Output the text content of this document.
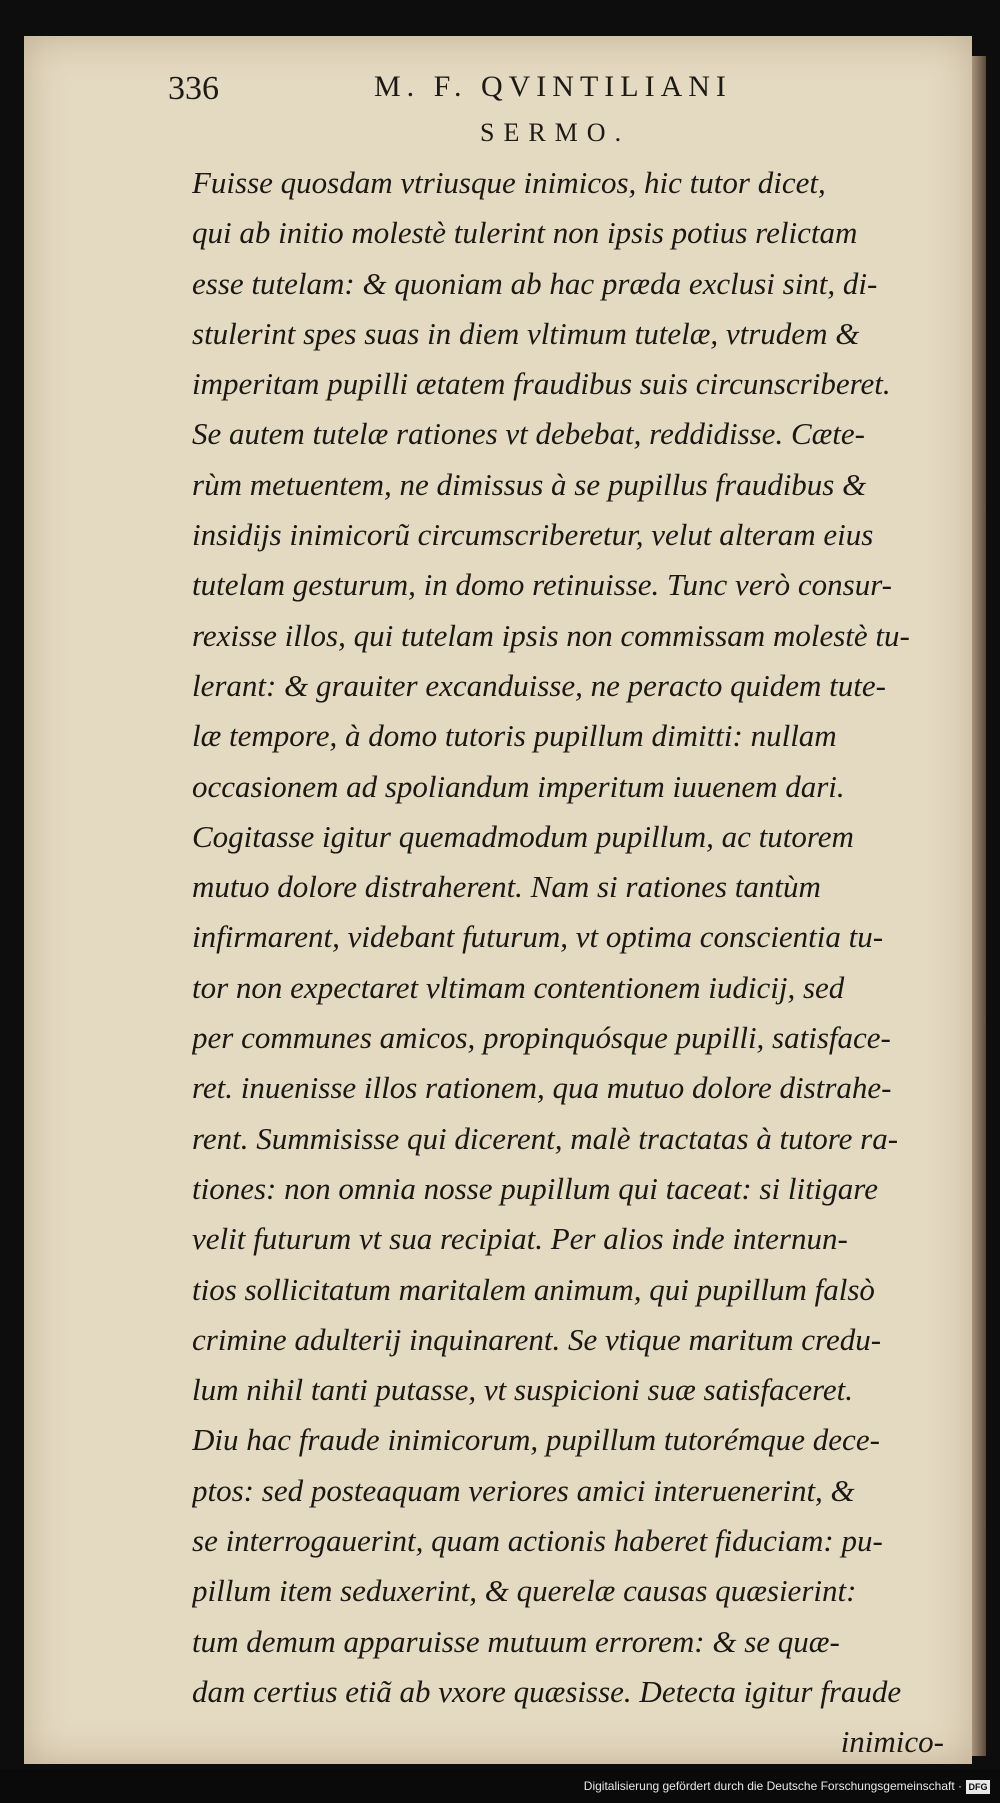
336	M. F. QVINTILIANI
SERMO.
Fuisse quosdam vtriusque inimicos, hic tutor dicet,
qui ab initio molestè tulerint non ipsis potius relictam
esse tutelam: & quoniam ab hac præda exclusi sint, di-
stulerint spes suas in diem vltimum tutelæ, vtrudem &
imperitam pupilli ætatem fraudibus suis circunscriberet.
Se autem tutelæ rationes vt debebat, reddidisse. Cæte-
rùm metuentem, ne dimissus à se pupillus fraudibus &
insidijs inimicorũ circumscriberetur, velut alteram eius
tutelam gesturum, in domo retinuisse. Tunc verò consur-
rexisse illos, qui tutelam ipsis non commissam molestè tu-
lerant: & grauiter excanduisse, ne peracto quidem tute-
læ tempore, à domo tutoris pupillum dimitti: nullam
occasionem ad spoliandum imperitum iuuenem dari.
Cogitasse igitur quemadmodum pupillum, ac tutorem
mutuo dolore distraherent. Nam si rationes tantùm
infirmarent, videbant futurum, vt optima conscientia tu-
tor non expectaret vltimam contentionem iudicij, sed
per communes amicos, propinquósque pupilli, satisface-
ret. inuenisse illos rationem, qua mutuo dolore distrahe-
rent. Summisisse qui dicerent, malè tractatas à tutore ra-
tiones: non omnia nosse pupillum qui taceat: si litigare
velit futurum vt sua recipiat. Per alios inde internun-
tios sollicitatum maritalem animum, qui pupillum falsò
crimine adulterij inquinarent. Se vtique maritum credu-
lum nihil tanti putasse, vt suspicioni suæ satisfaceret.
Diu hac fraude inimicorum, pupillum tutorémque dece-
ptos: sed posteaquam veriores amici interuenerint, &
se interrogauerint, quam actionis haberet fiduciam: pu-
pillum item seduxerint, & querelæ causas quæsierint:
tum demum apparuisse mutuum errorem: & se quæ-
dam certius etiã ab vxore quæsisse. Detecta igitur fraude
inimico-
Digitalisierung gefördert durch die Deutsche Forschungsgemeinschaft · DFG
